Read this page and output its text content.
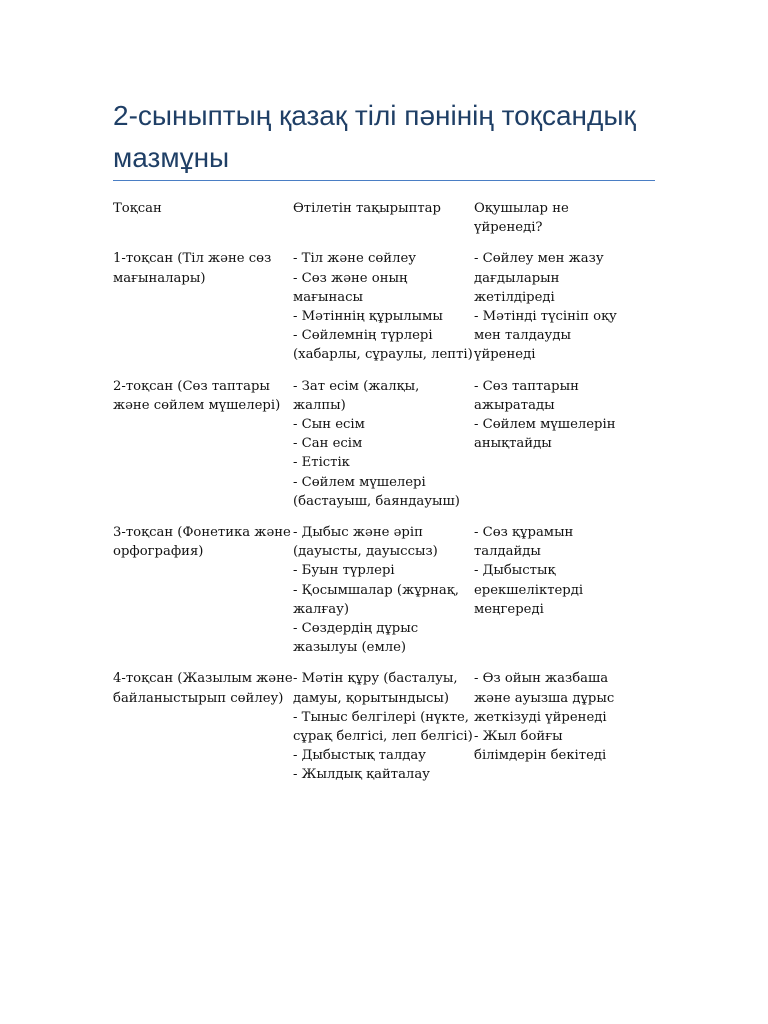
2-сыныптың қазақ тілі пәнінің тоқсандық мазмұны
Тоқсан	Өтілетін тақырыптар	Оқушылар не үйренеді?
1-тоқсан (Тіл және сөз мағыналары)
- Тіл және сөйлеу
- Сөз және оның мағынасы
- Мәтіннің құрылымы
- Сөйлемнің түрлері (хабарлы, сұраулы, лепті)
- Сөйлеу мен жазу дағдыларын жетілдіреді
- Мәтінді түсініп оқу мен талдауды үйренеді
2-тоқсан (Сөз таптары және сөйлем мүшелері)
- Зат есім (жалқы, жалпы)
- Сын есім
- Сан есім
- Етістік
- Сөйлем мүшелері (бастауыш, баяндауыш)
- Сөз таптарын ажыратады
- Сөйлем мүшелерін анықтайды
3-тоқсан (Фонетика және орфография)
- Дыбыс және әріп (дауысты, дауыссыз)
- Буын түрлері
- Қосымшалар (жұрнақ, жалғау)
- Сөздердің дұрыс жазылуы (емле)
- Сөз құрамын талдайды
- Дыбыстық ерекшеліктерді меңгереді
4-тоқсан (Жазылым және байланыстырып сөйлеу)
- Мәтін құру (басталуы, дамуы, қорытындысы)
- Тыныс белгілері (нүкте, сұрақ белгісі, леп белгісі)
- Дыбыстық талдау
- Жылдық қайталау
- Өз ойын жазбаша және ауызша дұрыс жеткізуді үйренеді
- Жыл бойғы білімдерін бекітеді
